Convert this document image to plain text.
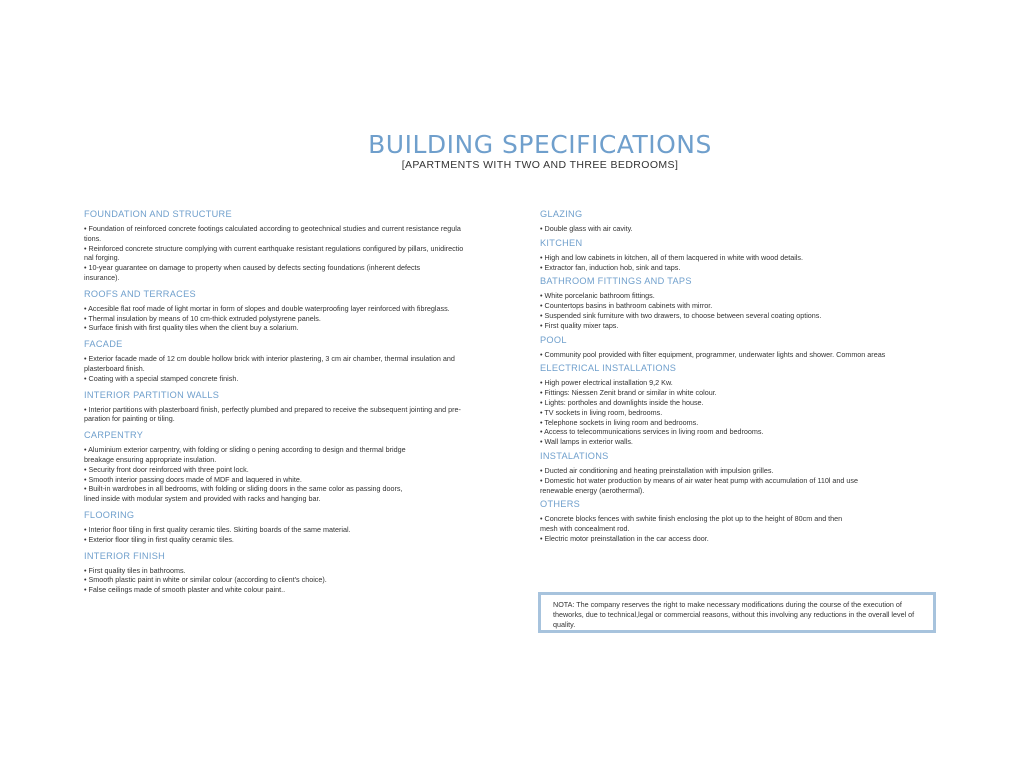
BUILDING SPECIFICATIONS
[APARTMENTS WITH TWO AND THREE BEDROOMS]
FOUNDATION AND STRUCTURE
• Foundation of reinforced concrete footings calculated according to geotechnical studies and current resistance regula
tions.
• Reinforced concrete structure complying with current earthquake resistant regulations configured by pillars, unidirectio
nal forging.
• 10-year guarantee on damage to property when caused by defects secting foundations (inherent defects
insurance).
ROOFS AND TERRACES
• Accesible flat roof made of light mortar in form of slopes and double waterproofing layer reinforced with fibreglass.
• Thermal insulation by means of 10 cm-thick extruded polystyrene panels.
• Surface finish with first quality tiles when the client buy a solarium.
FACADE
• Exterior facade made of 12 cm double hollow brick with interior plastering, 3 cm air chamber, thermal insulation and
plasterboard finish.
• Coating with a special stamped concrete finish.
INTERIOR PARTITION WALLS
• Interior partitions with plasterboard finish, perfectly plumbed and prepared to receive the subsequent jointing and pre-
paration for painting or tiling.
CARPENTRY
• Aluminium exterior carpentry, with folding or sliding o pening according to design and thermal bridge
breakage ensuring appropriate insulation.
• Security front door reinforced with three point lock.
• Smooth interior passing doors made of MDF and laquered in white.
• Built-in wardrobes in all bedrooms, with folding or sliding doors in the same color as passing doors,
lined inside with modular system and provided with racks and hanging bar.
FLOORING
• Interior floor tiling in first quality ceramic tiles. Skirting boards of the same material.
• Exterior floor tiling in first quality ceramic tiles.
INTERIOR FINISH
• First quality tiles in bathrooms.
• Smooth plastic paint in white or similar colour (according to client's choice).
• False ceilings made of smooth plaster and white colour paint..
GLAZING
• Double glass with air cavity.
KITCHEN
• High and low cabinets in kitchen, all of them lacquered in white with wood details.
• Extractor fan, induction hob, sink and taps.
BATHROOM FITTINGS AND TAPS
• White porcelanic bathroom fittings.
• Countertops basins in bathroom cabinets with mirror.
• Suspended sink furniture with two drawers, to choose between several coating options.
• First quality mixer taps.
POOL
• Community pool provided with filter equipment, programmer, underwater lights and shower. Common areas
ELECTRICAL INSTALLATIONS
• High power electrical installation 9,2 Kw.
• Fittings: Niessen Zenit brand or similar in white colour.
• Lights: portholes and downlights inside the house.
• TV sockets in living room, bedrooms.
• Telephone sockets in living room and bedrooms.
• Access to telecommunications services in living room and bedrooms.
• Wall lamps in exterior walls.
INSTALATIONS
• Ducted air conditioning and heating preinstallation with impulsion grilles.
• Domestic hot water production by means of air water heat pump with accumulation of 110l and use
renewable energy (aerothermal).
OTHERS
• Concrete blocks fences with swhite finish enclosing the plot up to the height of 80cm and then
mesh with concealment rod.
• Electric motor preinstallation in the car access door.
NOTA: The company reserves the right to make necessary modifications during the course of the execution of theworks, due to technical,legal or commercial reasons, without this involving any reductions in the overall level of quality.
